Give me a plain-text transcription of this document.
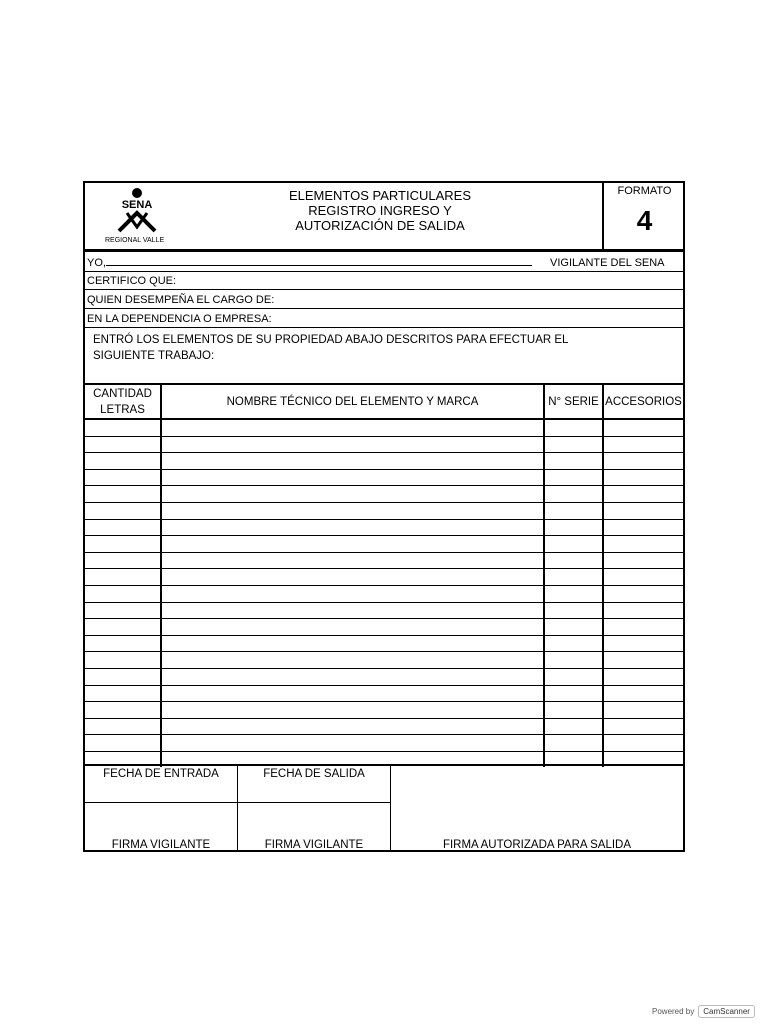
SENA
REGIONAL VALLE
ELEMENTOS PARTICULARES
REGISTRO INGRESO Y
AUTORIZACIÓN DE SALIDA
FORMATO
4
YO,	VIGILANTE DEL SENA
CERTIFICO QUE:
QUIEN DESEMPEÑA EL CARGO DE:
EN LA DEPENDENCIA O EMPRESA:
ENTRÓ LOS ELEMENTOS DE SU PROPIEDAD ABAJO DESCRITOS PARA EFECTUAR EL
SIGUIENTE TRABAJO:
CANTIDAD
LETRAS	NOMBRE TÉCNICO DEL ELEMENTO Y MARCA	N° SERIE	ACCESORIOS

FECHA DE ENTRADA	FECHA DE SALIDA
FIRMA VIGILANTE	FIRMA VIGILANTE	FIRMA AUTORIZADA PARA SALIDA
Powered by CamScanner
